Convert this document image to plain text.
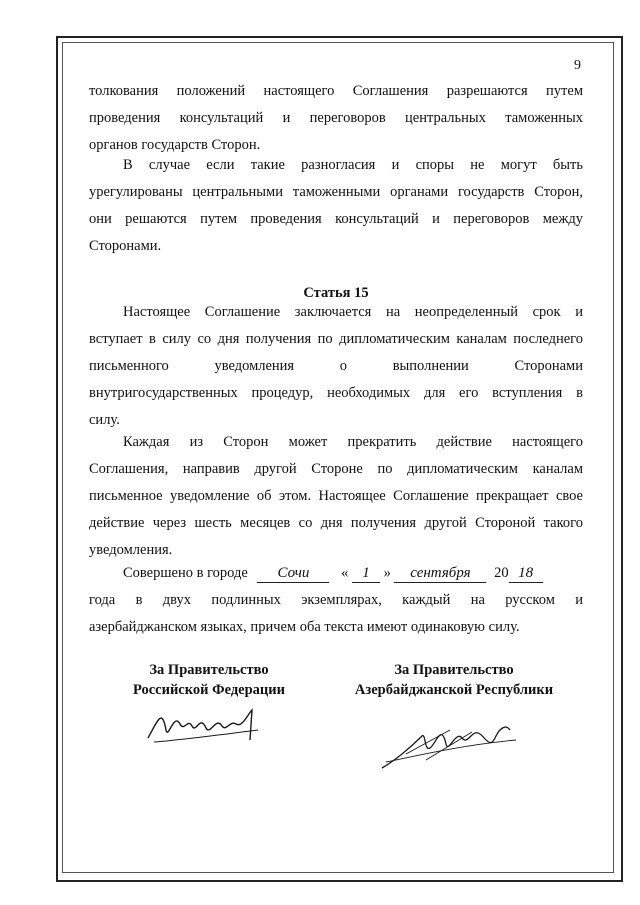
9
толкования положений настоящего Соглашения разрешаются путем
проведения консультаций и переговоров центральных таможенных
органов государств Сторон.
В случае если такие разногласия и споры не могут быть
урегулированы центральными таможенными органами государств Сторон,
они решаются путем проведения консультаций и переговоров между
Сторонами.
Статья 15
Настоящее Соглашение заключается на неопределенный срок и
вступает в силу со дня получения по дипломатическим каналам последнего
письменного уведомления о выполнении Сторонами
внутригосударственных процедур, необходимых для его вступления в
силу.
Каждая из Сторон может прекратить действие настоящего
Соглашения, направив другой Стороне по дипломатическим каналам
письменное уведомление об этом. Настоящее Соглашение прекращает свое
действие через шесть месяцев со дня получения другой Стороной такого
уведомления.
Совершено в городе Сочи « 1 » сентября 20 18
года в двух подлинных экземплярах, каждый на русском и
азербайджанском языках, причем оба текста имеют одинаковую силу.
За Правительство
Российской Федерации
За Правительство
Азербайджанской Республики
